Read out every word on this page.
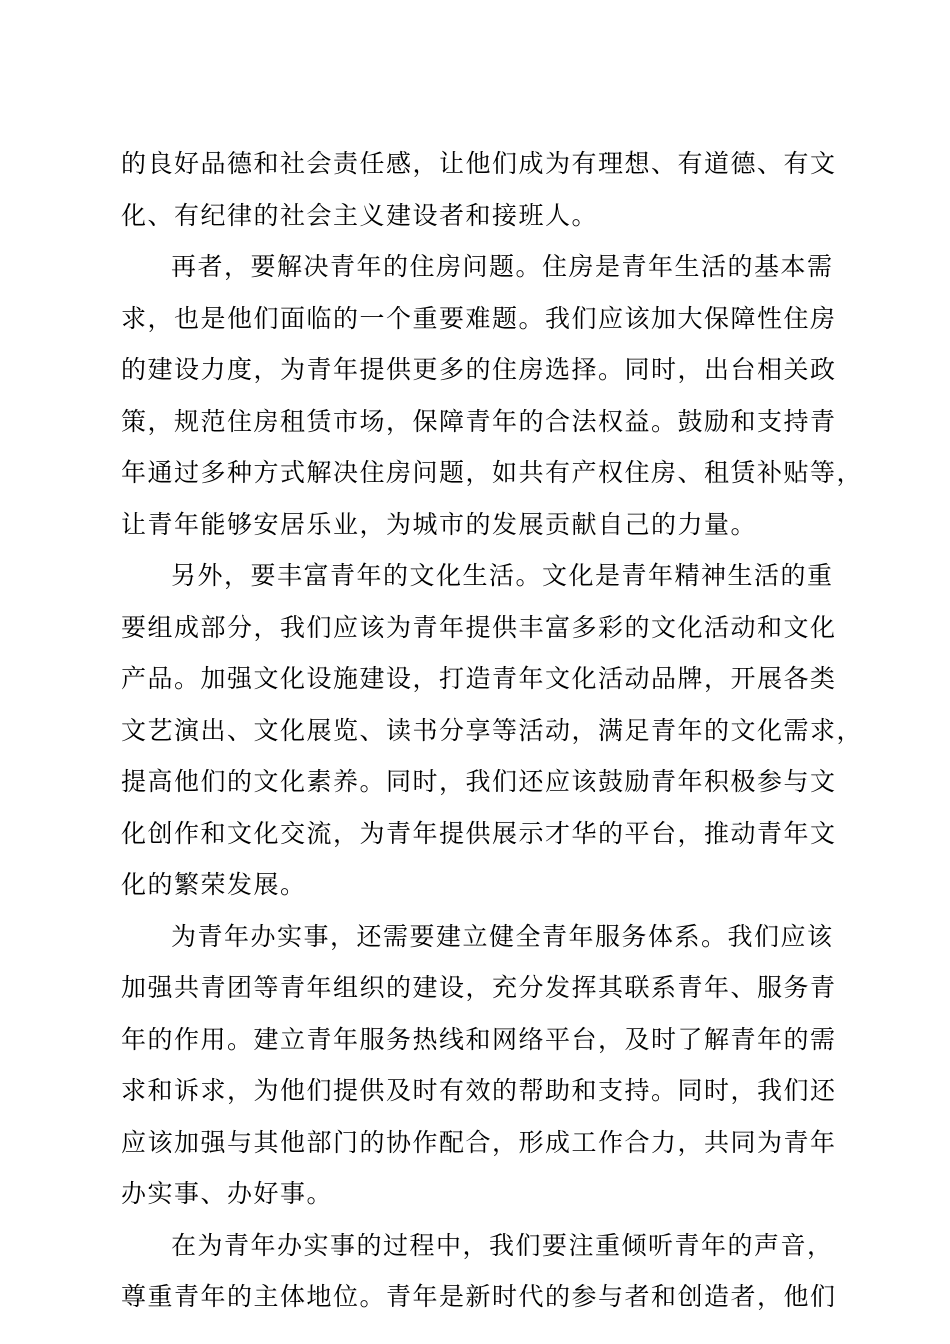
的良好品德和社会责任感，让他们成为有理想、有道德、有文
化、有纪律的社会主义建设者和接班人。
再者，要解决青年的住房问题。住房是青年生活的基本需
求，也是他们面临的一个重要难题。我们应该加大保障性住房
的建设力度，为青年提供更多的住房选择。同时，出台相关政
策，规范住房租赁市场，保障青年的合法权益。鼓励和支持青
年通过多种方式解决住房问题，如共有产权住房、租赁补贴等，
让青年能够安居乐业，为城市的发展贡献自己的力量。
另外，要丰富青年的文化生活。文化是青年精神生活的重
要组成部分，我们应该为青年提供丰富多彩的文化活动和文化
产品。加强文化设施建设，打造青年文化活动品牌，开展各类
文艺演出、文化展览、读书分享等活动，满足青年的文化需求，
提高他们的文化素养。同时，我们还应该鼓励青年积极参与文
化创作和文化交流，为青年提供展示才华的平台，推动青年文
化的繁荣发展。
为青年办实事，还需要建立健全青年服务体系。我们应该
加强共青团等青年组织的建设，充分发挥其联系青年、服务青
年的作用。建立青年服务热线和网络平台，及时了解青年的需
求和诉求，为他们提供及时有效的帮助和支持。同时，我们还
应该加强与其他部门的协作配合，形成工作合力，共同为青年
办实事、办好事。
在为青年办实事的过程中，我们要注重倾听青年的声音，
尊重青年的主体地位。青年是新时代的参与者和创造者，他们
